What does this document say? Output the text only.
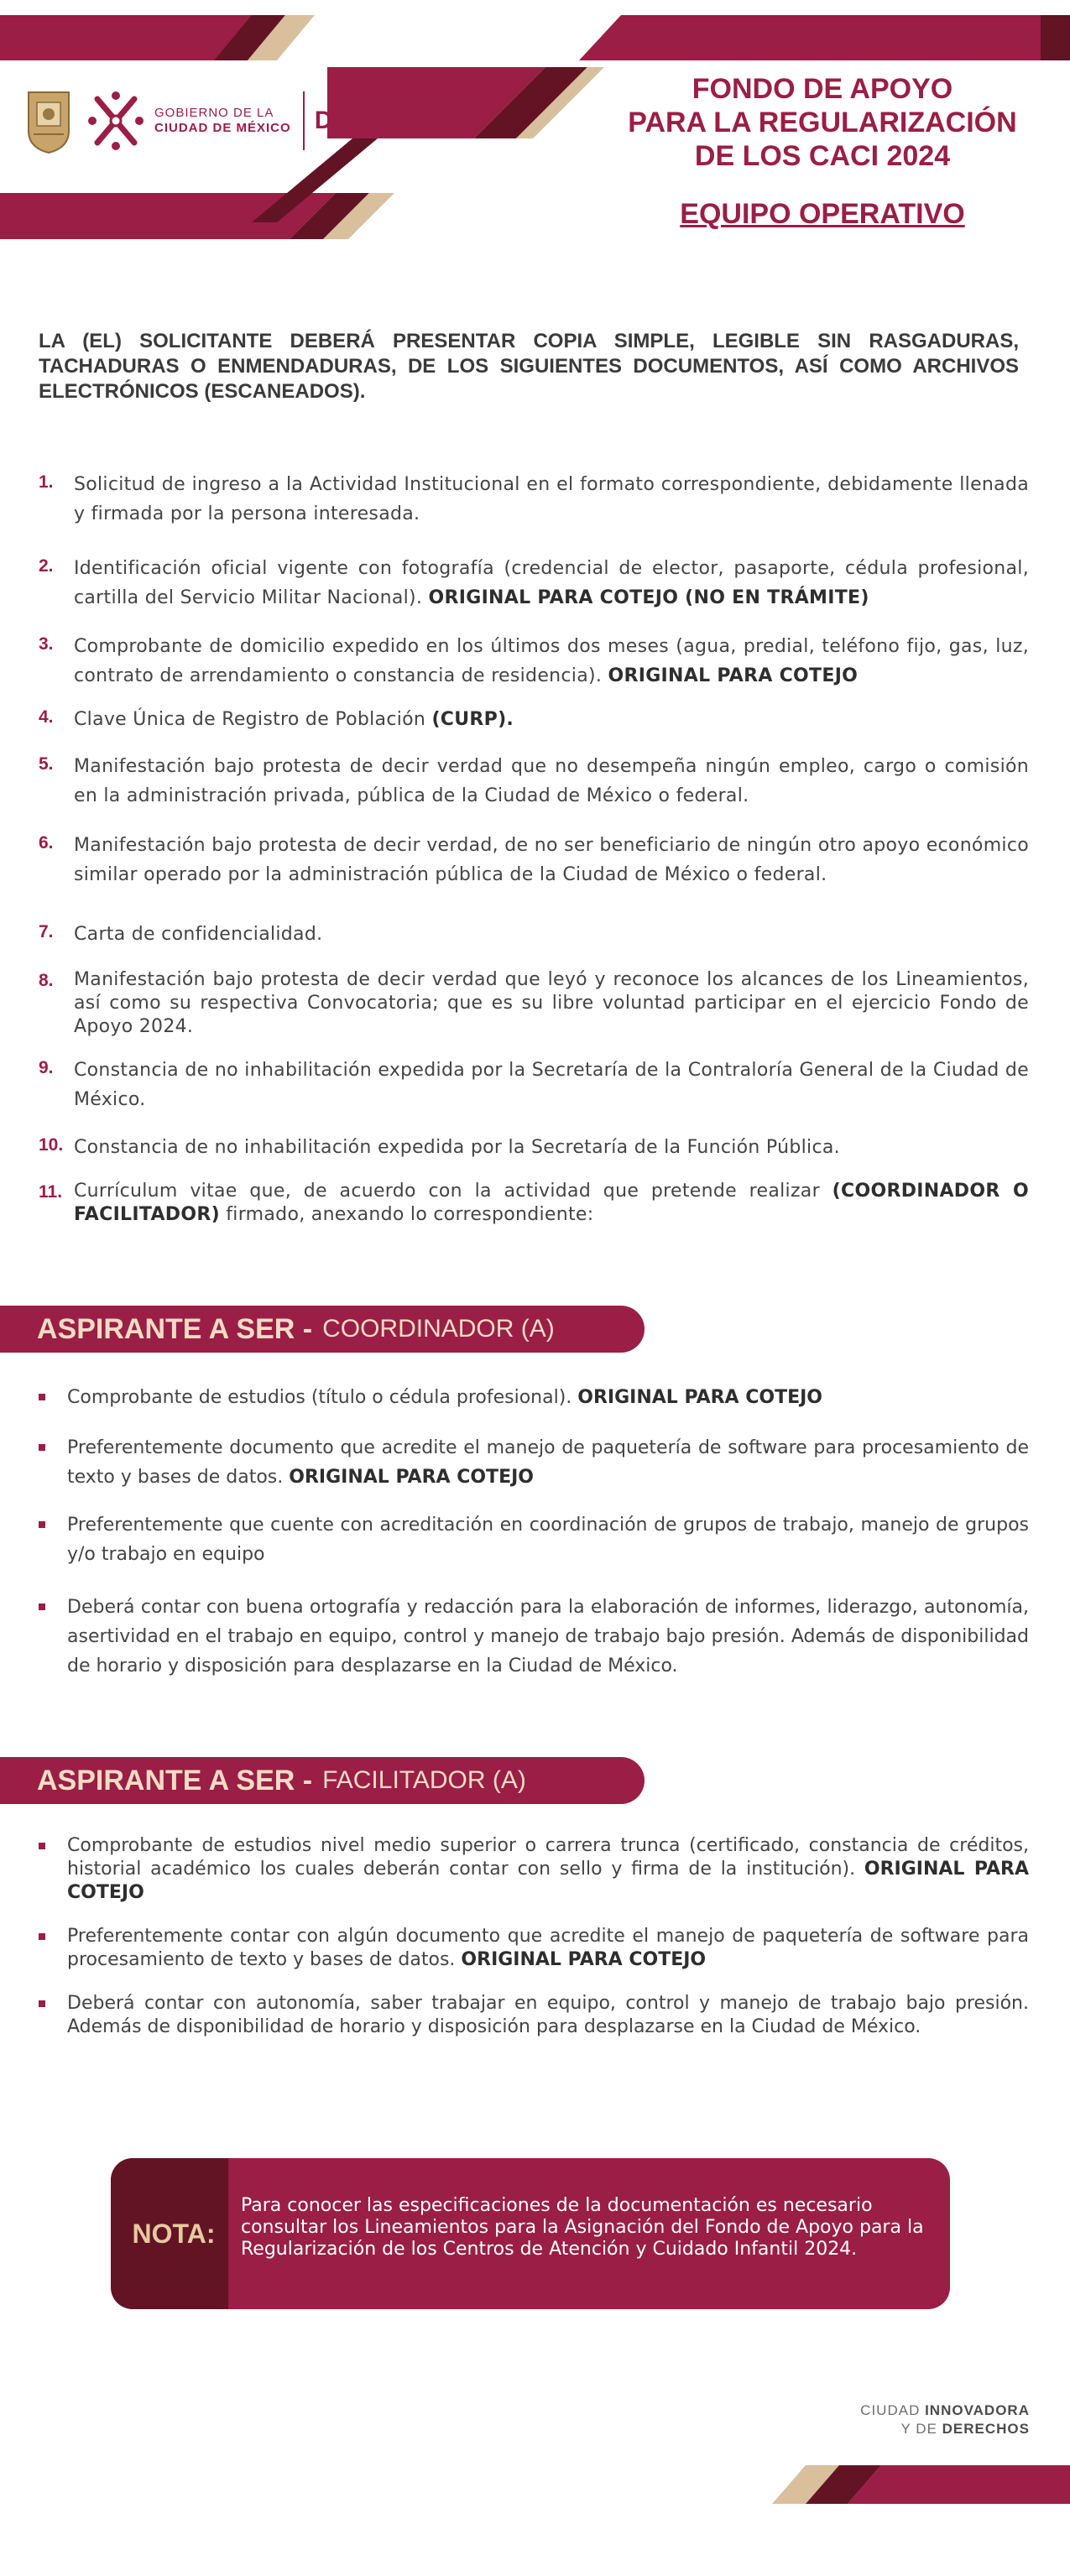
GOBIERNO DE LA
CIUDAD DE MÉXICO DIF
FONDO DE APOYO
PARA LA REGULARIZACIÓN
DE LOS CACI 2024
EQUIPO OPERATIVO

LA (EL) SOLICITANTE DEBERÁ PRESENTAR COPIA SIMPLE, LEGIBLE SIN RASGADURAS, TACHADURAS O ENMENDADURAS, DE LOS SIGUIENTES DOCUMENTOS, ASÍ COMO ARCHIVOS ELECTRÓNICOS (ESCANEADOS).

1.	Solicitud de ingreso a la Actividad Institucional en el formato correspondiente, debidamente llenada y firmada por la persona interesada.
2.	Identificación oficial vigente con fotografía (credencial de elector, pasaporte, cédula profesional, cartilla del Servicio Militar Nacional). ORIGINAL PARA COTEJO (NO EN TRÁMITE)
3.	Comprobante de domicilio expedido en los últimos dos meses (agua, predial, teléfono fijo, gas, luz, contrato de arrendamiento o constancia de residencia). ORIGINAL PARA COTEJO
4.	Clave Única de Registro de Población (CURP).
5.	Manifestación bajo protesta de decir verdad que no desempeña ningún empleo, cargo o comisión en la administración privada, pública de la Ciudad de México o federal.
6.	Manifestación bajo protesta de decir verdad, de no ser beneficiario de ningún otro apoyo económico similar operado por la administración pública de la Ciudad de México o federal.
7.	Carta de confidencialidad.
8.	Manifestación bajo protesta de decir verdad que leyó y reconoce los alcances de los Lineamientos, así como su respectiva Convocatoria; que es su libre voluntad participar en el ejercicio Fondo de Apoyo 2024.
9.	Constancia de no inhabilitación expedida por la Secretaría de la Contraloría General de la Ciudad de México.
10. Constancia de no inhabilitación expedida por la Secretaría de la Función Pública.
11. Currículum vitae que, de acuerdo con la actividad que pretende realizar (COORDINADOR O FACILITADOR) firmado, anexando lo correspondiente:
ASPIRANTE A SER - COORDINADOR (A)
Comprobante de estudios (título o cédula profesional). ORIGINAL PARA COTEJO
Preferentemente documento que acredite el manejo de paquetería de software para procesamiento de texto y bases de datos. ORIGINAL PARA COTEJO
Preferentemente que cuente con acreditación en coordinación de grupos de trabajo, manejo de grupos y/o trabajo en equipo
Deberá contar con buena ortografía y redacción para la elaboración de informes, liderazgo, autonomía, asertividad en el trabajo en equipo, control y manejo de trabajo bajo presión. Además de disponibilidad de horario y disposición para desplazarse en la Ciudad de México.
ASPIRANTE A SER - FACILITADOR (A)
Comprobante de estudios nivel medio superior o carrera trunca (certificado, constancia de créditos, historial académico los cuales deberán contar con sello y firma de la institución). ORIGINAL PARA COTEJO
Preferentemente contar con algún documento que acredite el manejo de paquetería de software para procesamiento de texto y bases de datos. ORIGINAL PARA COTEJO
Deberá contar con autonomía, saber trabajar en equipo, control y manejo de trabajo bajo presión. Además de disponibilidad de horario y disposición para desplazarse en la Ciudad de México.
NOTA:

Para conocer las especificaciones de la documentación es necesario consultar los Lineamientos para la Asignación del Fondo de Apoyo para la Regularización de los Centros de Atención y Cuidado Infantil 2024.

CIUDAD INNOVADORA
Y DE DERECHOS
